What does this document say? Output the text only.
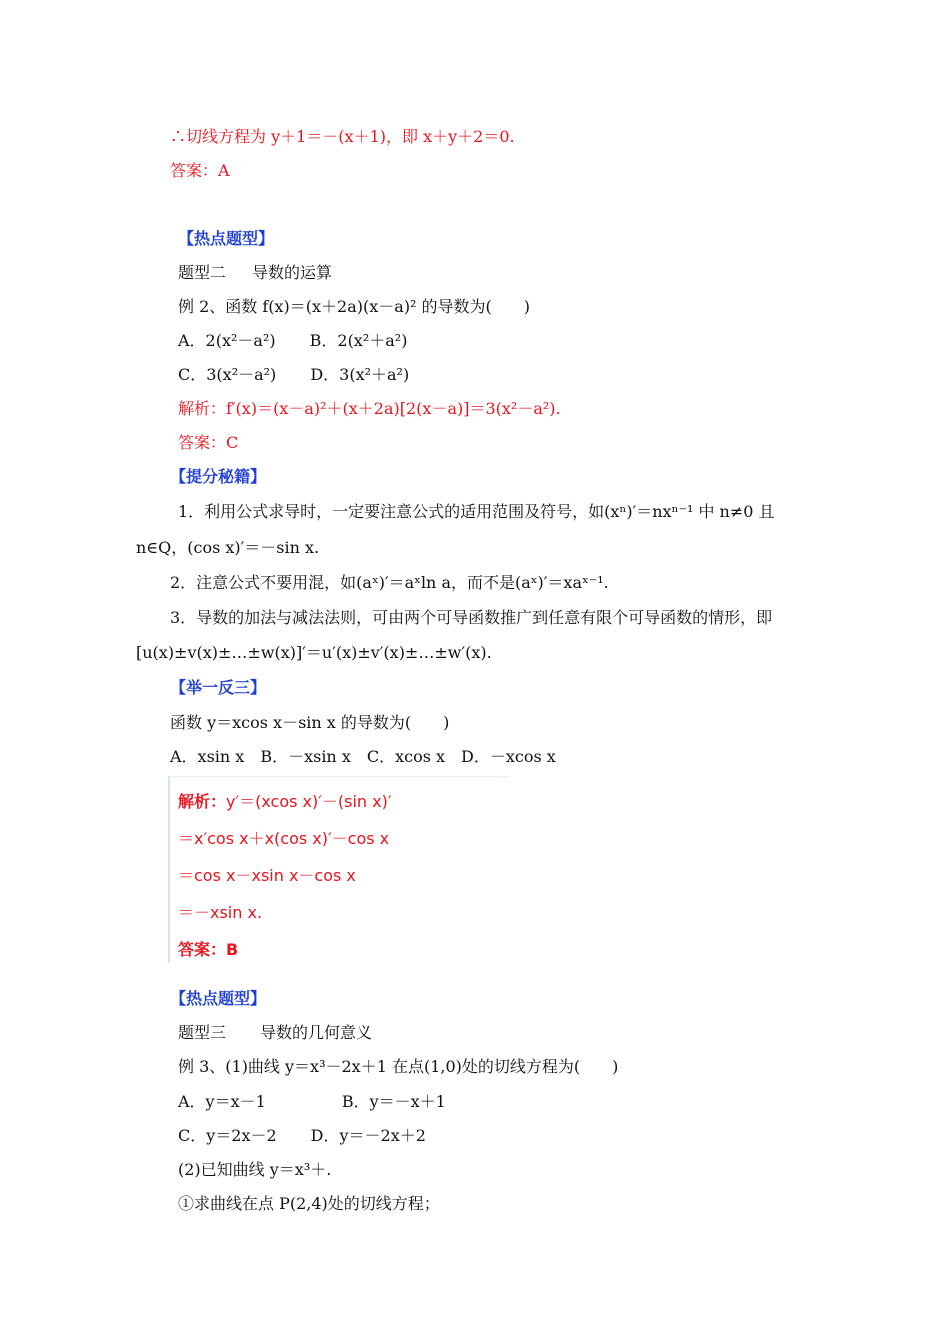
∴切线方程为 y＋1＝－(x＋1)，即 x＋y＋2＝0.
答案：A
【热点题型】
题型二 导数的运算
例 2、函数 f(x)＝(x＋2a)(x－a)² 的导数为(　　)
A．2(x²－a²) B．2(x²＋a²)
C．3(x²－a²) D．3(x²＋a²)
解析：f′(x)＝(x－a)²＋(x＋2a)[2(x－a)]＝3(x²－a²).
答案：C
【提分秘籍】
1．利用公式求导时，一定要注意公式的适用范围及符号，如(xⁿ)′＝nxⁿ⁻¹ 中 n≠0 且
n∈Q，(cos x)′＝－sin x.
2．注意公式不要用混，如(aˣ)′＝aˣln a，而不是(aˣ)′＝xaˣ⁻¹.
3．导数的加法与减法法则，可由两个可导函数推广到任意有限个可导函数的情形，即
[u(x)±v(x)±…±w(x)]′＝u′(x)±v′(x)±…±w′(x).
【举一反三】
函数 y＝xcos x－sin x 的导数为(　　)
A．xsin x　B．－xsin x　C．xcos x　D．－xcos x
解析：y′＝(xcos x)′－(sin x)′
＝x′cos x＋x(cos x)′－cos x
＝cos x－xsin x－cos x
＝－xsin x.
答案：B
【热点题型】
题型三 导数的几何意义
例 3、(1)曲线 y＝x³－2x＋1 在点(1,0)处的切线方程为(　　)
A．y＝x－1	B．y＝－x＋1
C．y＝2x－2 D．y＝－2x＋2
(2)已知曲线 y＝x³＋.
①求曲线在点 P(2,4)处的切线方程；
